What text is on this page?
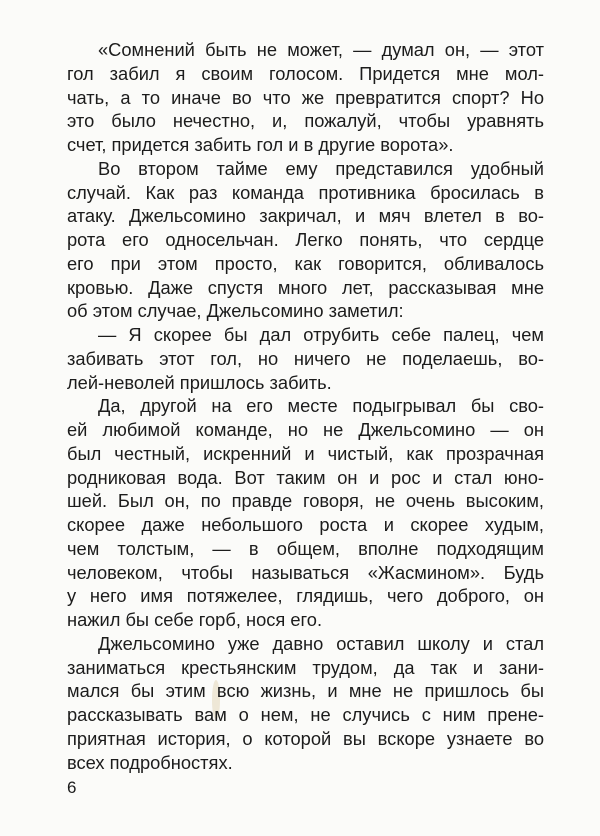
«Сомнений быть не может, — думал он, — этот
гол забил я своим голосом. Придется мне мол-
чать, а то иначе во что же превратится спорт? Но
это было нечестно, и, пожалуй, чтобы уравнять
счет, придется забить гол и в другие ворота».
Во втором тайме ему представился удобный
случай. Как раз команда противника бросилась в
атаку. Джельсомино закричал, и мяч влетел в во-
рота его односельчан. Легко понять, что сердце
его при этом просто, как говорится, обливалось
кровью. Даже спустя много лет, рассказывая мне
об этом случае, Джельсомино заметил:
— Я скорее бы дал отрубить себе палец, чем
забивать этот гол, но ничего не поделаешь, во-
лей-неволей пришлось забить.
Да, другой на его месте подыгрывал бы сво-
ей любимой команде, но не Джельсомино — он
был честный, искренний и чистый, как прозрачная
родниковая вода. Вот таким он и рос и стал юно-
шей. Был он, по правде говоря, не очень высоким,
скорее даже небольшого роста и скорее худым,
чем толстым, — в общем, вполне подходящим
человеком, чтобы называться «Жасмином». Будь
у него имя потяжелее, глядишь, чего доброго, он
нажил бы себе горб, нося его.
Джельсомино уже давно оставил школу и стал
заниматься крестьянским трудом, да так и зани-
мался бы этим всю жизнь, и мне не пришлось бы
рассказывать вам о нем, не случись с ним прене-
приятная история, о которой вы вскоре узнаете во
всех подробностях.
6
